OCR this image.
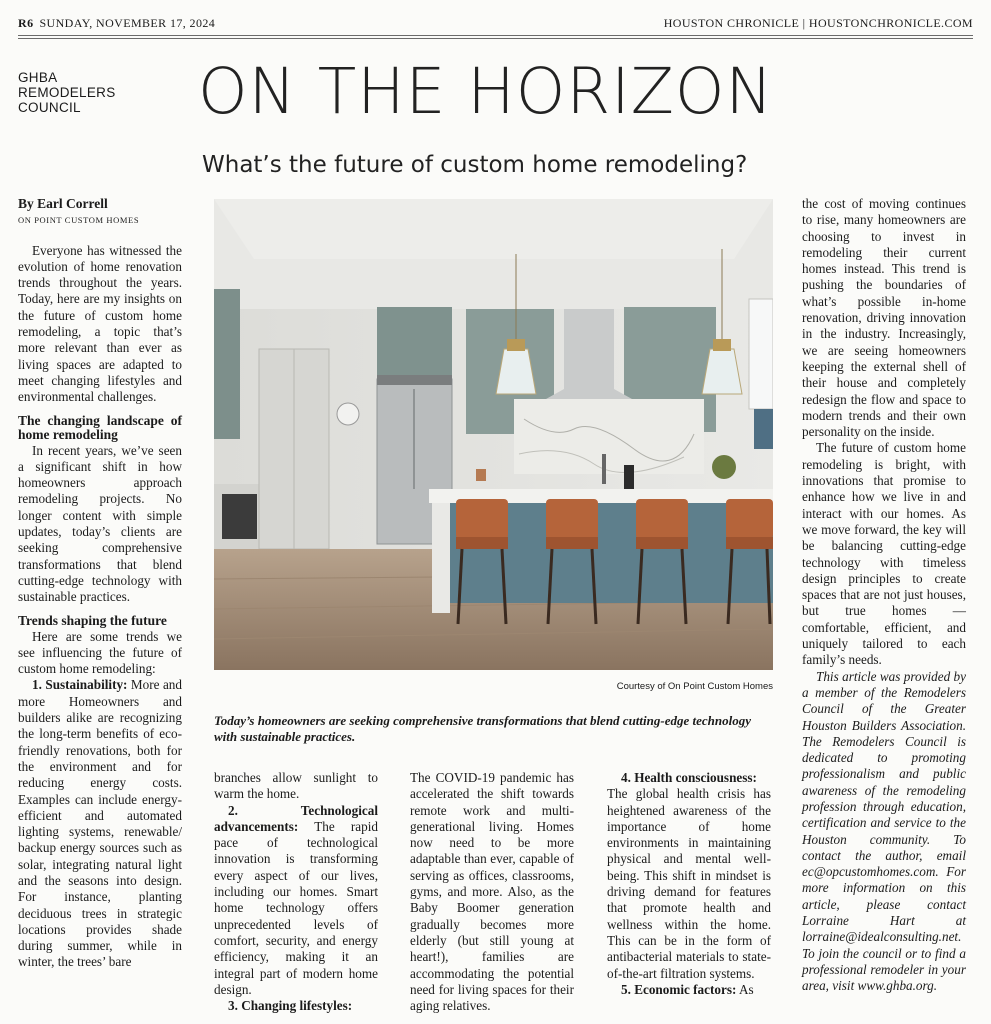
R6 SUNDAY, NOVEMBER 17, 2024	HOUSTON CHRONICLE | HOUSTONCHRONICLE.COM
GHBA
REMODELERS
COUNCIL	ON THE HORIZON
What’s the future of custom home remodeling?
By Earl Correll
ON POINT CUSTOM HOMES

Everyone has witnessed the evolution of home renovation trends throughout the years. Today, here are my insights on the future of custom home remodeling, a topic that’s more relevant than ever as living spaces are adapted to meet changing lifestyles and environmental challenges.

The changing landscape of home remodeling

In recent years, we’ve seen a significant shift in how homeowners approach remodeling projects. No longer content with simple updates, today’s clients are seeking comprehensive transformations that blend cutting-edge technology with sustainable practices.

Trends shaping the future

Here are some trends we see influencing the future of custom home remodeling:

1. Sustainability: More and more Homeowners and builders alike are recognizing the long-term benefits of eco-friendly renovations, both for the environment and for reducing energy costs. Examples can include energy-efficient and automated lighting systems, renewable/ backup energy sources such as solar, integrating natural light and the seasons into design. For instance, planting deciduous trees in strategic locations provides shade during summer, while in winter, the trees’ bare

Courtesy of On Point Custom Homes
Today’s homeowners are seeking comprehensive transformations that blend cutting-edge technology with sustainable practices.

branches allow sunlight to warm the home.

2. Technological advancements: The rapid pace of technological innovation is transforming every aspect of our lives, including our homes. Smart home technology offers unprecedented levels of comfort, security, and energy efficiency, making it an integral part of modern home design.

3. Changing lifestyles:

The COVID-19 pandemic has accelerated the shift towards remote work and multi-generational living. Homes now need to be more adaptable than ever, capable of serving as offices, classrooms, gyms, and more. Also, as the Baby Boomer generation gradually becomes more elderly (but still young at heart!), families are accommodating the potential need for living spaces for their aging relatives.

4. Health consciousness:

The global health crisis has heightened awareness of the importance of home environments in maintaining physical and mental well-being. This shift in mindset is driving demand for features that promote health and wellness within the home. This can be in the form of antibacterial materials to state-of-the-art filtration systems.

5. Economic factors: As

the cost of moving continues to rise, many homeowners are choosing to invest in remodeling their current homes instead. This trend is pushing the boundaries of what’s possible in-home renovation, driving innovation in the industry. Increasingly, we are seeing homeowners keeping the external shell of their house and completely redesign the flow and space to modern trends and their own personality on the inside.

The future of custom home remodeling is bright, with innovations that promise to enhance how we live in and interact with our homes. As we move forward, the key will be balancing cutting-edge technology with timeless design principles to create spaces that are not just houses, but true homes — comfortable, efficient, and uniquely tailored to each family’s needs.

This article was provided by a member of the Remodelers Council of the Greater Houston Builders Association. The Remodelers Council is dedicated to promoting professionalism and public awareness of the remodeling profession through education, certification and service to the Houston community. To contact the author, email ec@opcustomhomes.com. For more information on this article, please contact Lorraine Hart at lorraine@idealconsulting.net. To join the council or to find a professional remodeler in your area, visit www.ghba.org.
